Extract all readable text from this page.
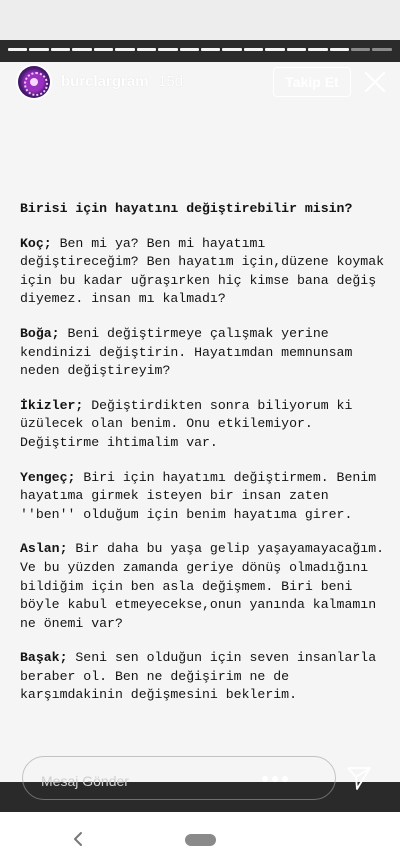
burclargram 15d	Takip Et
Birisi için hayatını değiştirebilir misin?
Koç; Ben mi ya? Ben mi hayatımı değiştireceğim? Ben hayatım için,düzene koymak için bu kadar uğraşırken hiç kimse bana değiş diyemez. insan mı kalmadı?
Boğa; Beni değiştirmeye çalışmak yerine kendinizi değiştirin. Hayatımdan memnunsam neden değiştireyim?
İkizler; Değiştirdikten sonra biliyorum ki üzülecek olan benim. Onu etkilemiyor. Değiştirme ihtimalim var.
Yengeç; Biri için hayatımı değiştirmem. Benim hayatıma girmek isteyen bir insan zaten ''ben'' olduğum için benim hayatıma girer.
Aslan; Bir daha bu yaşa gelip yaşayamayacağım. Ve bu yüzden zamanda geriye dönüş olmadığını bildiğim için ben asla değişmem. Biri beni böyle kabul etmeyecekse,onun yanında kalmamın ne önemi var?
Başak; Seni sen olduğun için seven insanlarla beraber ol. Ben ne değişirim ne de karşımdakinin değişmesini beklerim.
Mesaj Gönder
